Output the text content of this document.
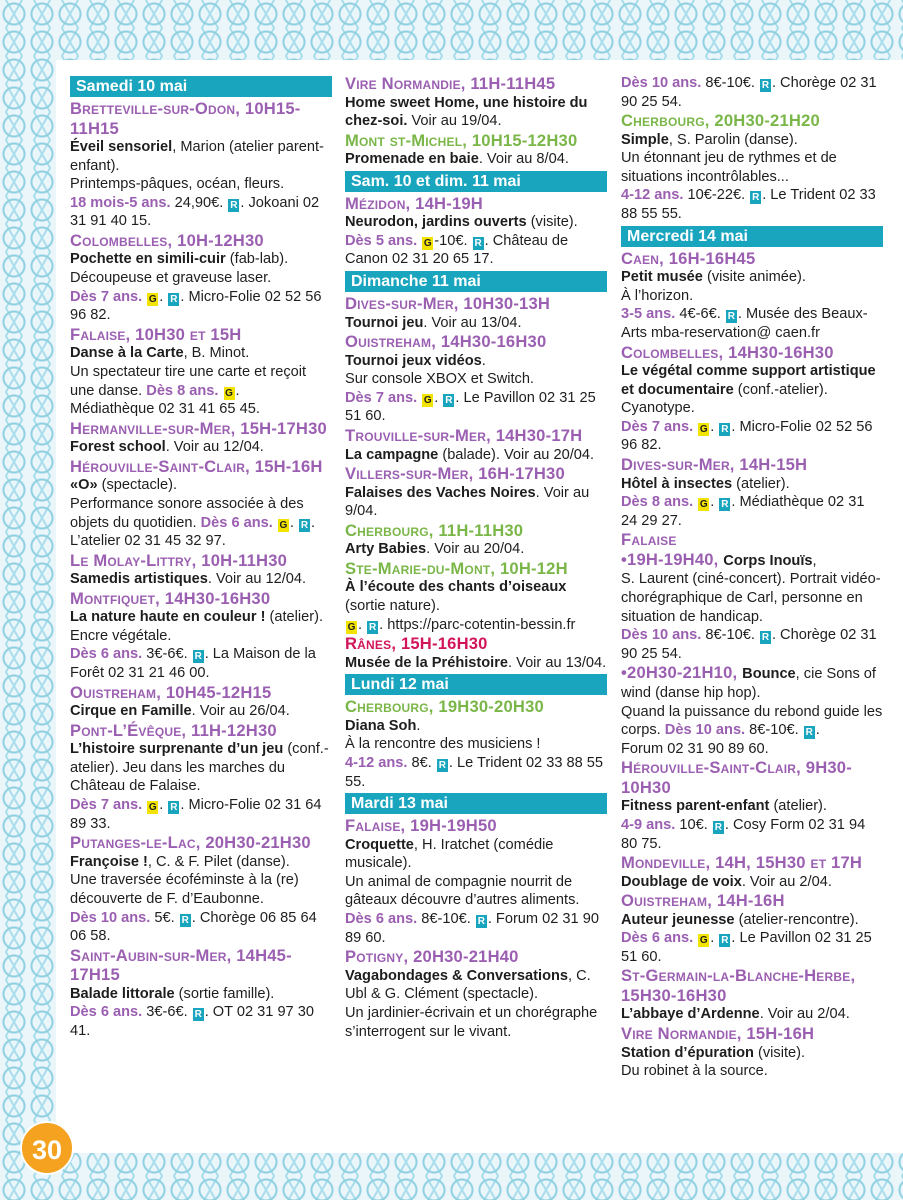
Samedi 10 mai
Bretteville-sur-Odon, 10H15-11H15

Éveil sensoriel, Marion (atelier parent-enfant).

Printemps-pâques, océan, fleurs.

18 mois-5 ans. 24,90€. R . Jokoani 02 31 91 40 15.

Colombelles, 10H-12H30

Pochette en simili-cuir (fab-lab).

Découpeuse et graveuse laser.

Dès 7 ans. G . R . Micro-Folie 02 52 56 96 82.

Falaise, 10H30 et 15H

Danse à la Carte, B. Minot.

Un spectateur tire une carte et reçoit une danse. Dès 8 ans. G .

Médiathèque 02 31 41 65 45.

Hermanville-sur-Mer, 15H-17H30

Forest school. Voir au 12/04.

Hérouville-Saint-Clair, 15H-16H

«O» (spectacle).

Performance sonore associée à des objets du quotidien. Dès 6 ans. G . R .

L’atelier 02 31 45 32 97.

Le Molay-Littry, 10H-11H30

Samedis artistiques. Voir au 12/04.

Montfiquet, 14H30-16H30

La nature haute en couleur ! (atelier). Encre végétale.

Dès 6 ans. 3€-6€. R . La Maison de la Forêt 02 31 21 46 00.

Ouistreham, 10H45-12H15

Cirque en Famille. Voir au 26/04.

Pont-L’Évêque, 11H-12H30

L’histoire surprenante d’un jeu (conf.-atelier). Jeu dans les marches du Château de Falaise.

Dès 7 ans. G . R . Micro-Folie 02 31 64 89 33.

Putanges-le-Lac, 20H30-21H30

Françoise !, C. & F. Pilet (danse).

Une traversée écoféminste à la (re) découverte de F. d’Eaubonne.

Dès 10 ans. 5€. R . Chorège 06 85 64 06 58.

Saint-Aubin-sur-Mer, 14H45-17H15

Balade littorale (sortie famille).

Dès 6 ans. 3€-6€. R . OT 02 31 97 30 41.

Vire Normandie, 11H-11H45

Home sweet Home, une histoire du chez-soi. Voir au 19/04.

Mont st-Michel, 10H15-12H30

Promenade en baie. Voir au 8/04.

Sam. 10 et dim. 11 mai
Mézidon, 14H-19H

Neurodon, jardins ouverts (visite).

Dès 5 ans. G -10€. R . Château de Canon 02 31 20 65 17.

Dimanche 11 mai
Dives-sur-Mer, 10H30-13H

Tournoi jeu. Voir au 13/04.

Ouistreham, 14H30-16H30

Tournoi jeux vidéos.

Sur console XBOX et Switch.

Dès 7 ans. G . R . Le Pavillon 02 31 25 51 60.

Trouville-sur-Mer, 14H30-17H

La campagne (balade). Voir au 20/04.

Villers-sur-Mer, 16H-17H30

Falaises des Vaches Noires. Voir au 9/04.

Cherbourg, 11H-11H30

Arty Babies. Voir au 20/04.

Ste-Marie-du-Mont, 10H-12H

À l’écoute des chants d’oiseaux (sortie nature).

G . R . https://parc-cotentin-bessin.fr

Rânes, 15H-16H30

Musée de la Préhistoire. Voir au 13/04.

Lundi 12 mai
Cherbourg, 19H30-20H30

Diana Soh.

À la rencontre des musiciens !

4-12 ans. 8€. R . Le Trident 02 33 88 55 55.

Mardi 13 mai
Falaise, 19H-19H50

Croquette, H. Iratchet (comédie musicale).

Un animal de compagnie nourrit de gâteaux découvre d’autres aliments.

Dès 6 ans. 8€-10€. R . Forum 02 31 90 89 60.

Potigny, 20H30-21H40

Vagabondages & Conversations, C. Ubl & G. Clément (spectacle).

Un jardinier-écrivain et un chorégraphe s’interrogent sur le vivant.

Dès 10 ans. 8€-10€. R . Chorège 02 31 90 25 54.

Cherbourg, 20H30-21H20

Simple, S. Parolin (danse).

Un étonnant jeu de rythmes et de situations incontrôlables...

4-12 ans. 10€-22€. R . Le Trident 02 33 88 55 55.

Mercredi 14 mai
Caen, 16H-16H45

Petit musée (visite animée).

À l’horizon.

3-5 ans. 4€-6€. R . Musée des Beaux-Arts mba-reservation@ caen.fr

Colombelles, 14H30-16H30

Le végétal comme support artistique et documentaire (conf.-atelier).

Cyanotype.

Dès 7 ans. G . R . Micro-Folie 02 52 56 96 82.

Dives-sur-Mer, 14H-15H

Hôtel à insectes (atelier).

Dès 8 ans. G . R . Médiathèque 02 31 24 29 27.

Falaise

•19H-19H40, Corps Inouïs,

S. Laurent (ciné-concert). Portrait vidéo-chorégraphique de Carl, personne en situation de handicap.

Dès 10 ans. 8€-10€. R . Chorège 02 31 90 25 54.

•20H30-21H10, Bounce, cie Sons of wind (danse hip hop).

Quand la puissance du rebond guide les corps. Dès 10 ans. 8€-10€. R .

Forum 02 31 90 89 60.

Hérouville-Saint-Clair, 9H30-10H30

Fitness parent-enfant (atelier).

4-9 ans. 10€. R . Cosy Form 02 31 94 80 75.

Mondeville, 14H, 15H30 et 17H

Doublage de voix. Voir au 2/04.

Ouistreham, 14H-16H

Auteur jeunesse (atelier-rencontre).

Dès 6 ans. G . R . Le Pavillon 02 31 25 51 60.

St-Germain-la-Blanche-Herbe, 15H30-16H30

L’abbaye d’Ardenne. Voir au 2/04.

Vire Normandie, 15H-16H

Station d’épuration (visite).

Du robinet à la source.

30
